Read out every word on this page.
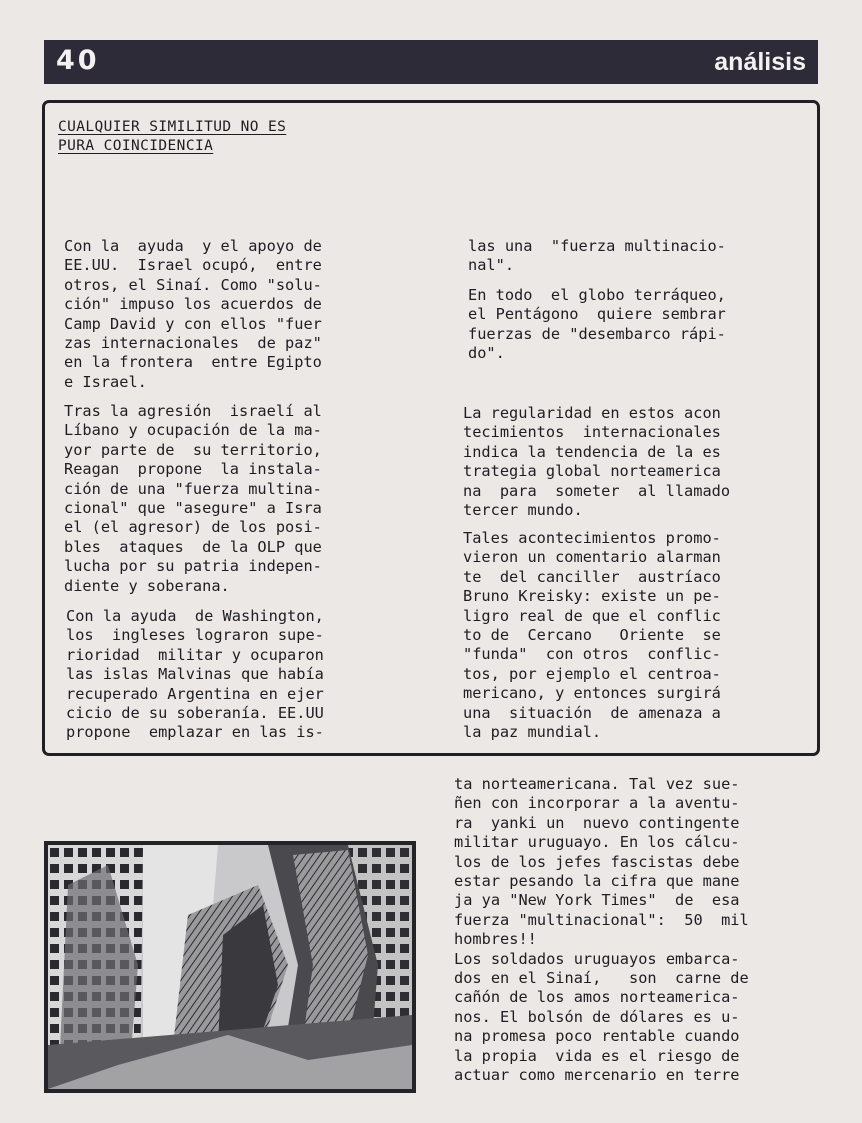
40	análisis
CUALQUIER SIMILITUD NO ES
PURA COINCIDENCIA
Con la  ayuda  y el apoyo de
EE.UU.  Israel ocupó,  entre
otros, el Sinaí. Como "solu-
ción" impuso los acuerdos de
Camp David y con ellos "fuer
zas internacionales  de paz"
en la frontera  entre Egipto
e Israel.
Tras la agresión  israelí al
Líbano y ocupación de la ma-
yor parte de  su territorio,
Reagan  propone  la instala-
ción de una "fuerza multina-
cional" que "asegure" a Isra
el (el agresor) de los posi-
bles  ataques  de la OLP que
lucha por su patria indepen-
diente y soberana.
Con la ayuda  de Washington,
los  ingleses lograron supe-
rioridad  militar y ocuparon
las islas Malvinas que había
recuperado Argentina en ejer
cicio de su soberanía. EE.UU
propone  emplazar en las is-
las una  "fuerza multinacio-
nal".
En todo  el globo terráqueo,
el Pentágono  quiere sembrar
fuerzas de "desembarco rápi-
do".
La regularidad en estos acon
tecimientos  internacionales
indica la tendencia de la es
trategia global norteamerica
na  para  someter  al llamado
tercer mundo.
Tales acontecimientos promo-
vieron un comentario alarman
te  del canciller  austríaco
Bruno Kreisky: existe un pe-
ligro real de que el conflic
to de  Cercano   Oriente  se
"funda"  con otros  conflic-
tos, por ejemplo el centroa-
mericano, y entonces surgirá
una  situación  de amenaza a
la paz mundial.
ta norteamericana. Tal vez sue-
ñen con incorporar a la aventu-
ra  yanki un  nuevo contingente
militar uruguayo. En los cálcu-
los de los jefes fascistas debe
estar pesando la cifra que mane
ja ya "New York Times"  de  esa
fuerza "multinacional":  50  mil
hombres!!
Los soldados uruguayos embarca-
dos en el Sinaí,   son  carne de
cañón de los amos norteamerica-
nos. El bolsón de dólares es u-
na promesa poco rentable cuando
la propia  vida es el riesgo de
actuar como mercenario en terre
